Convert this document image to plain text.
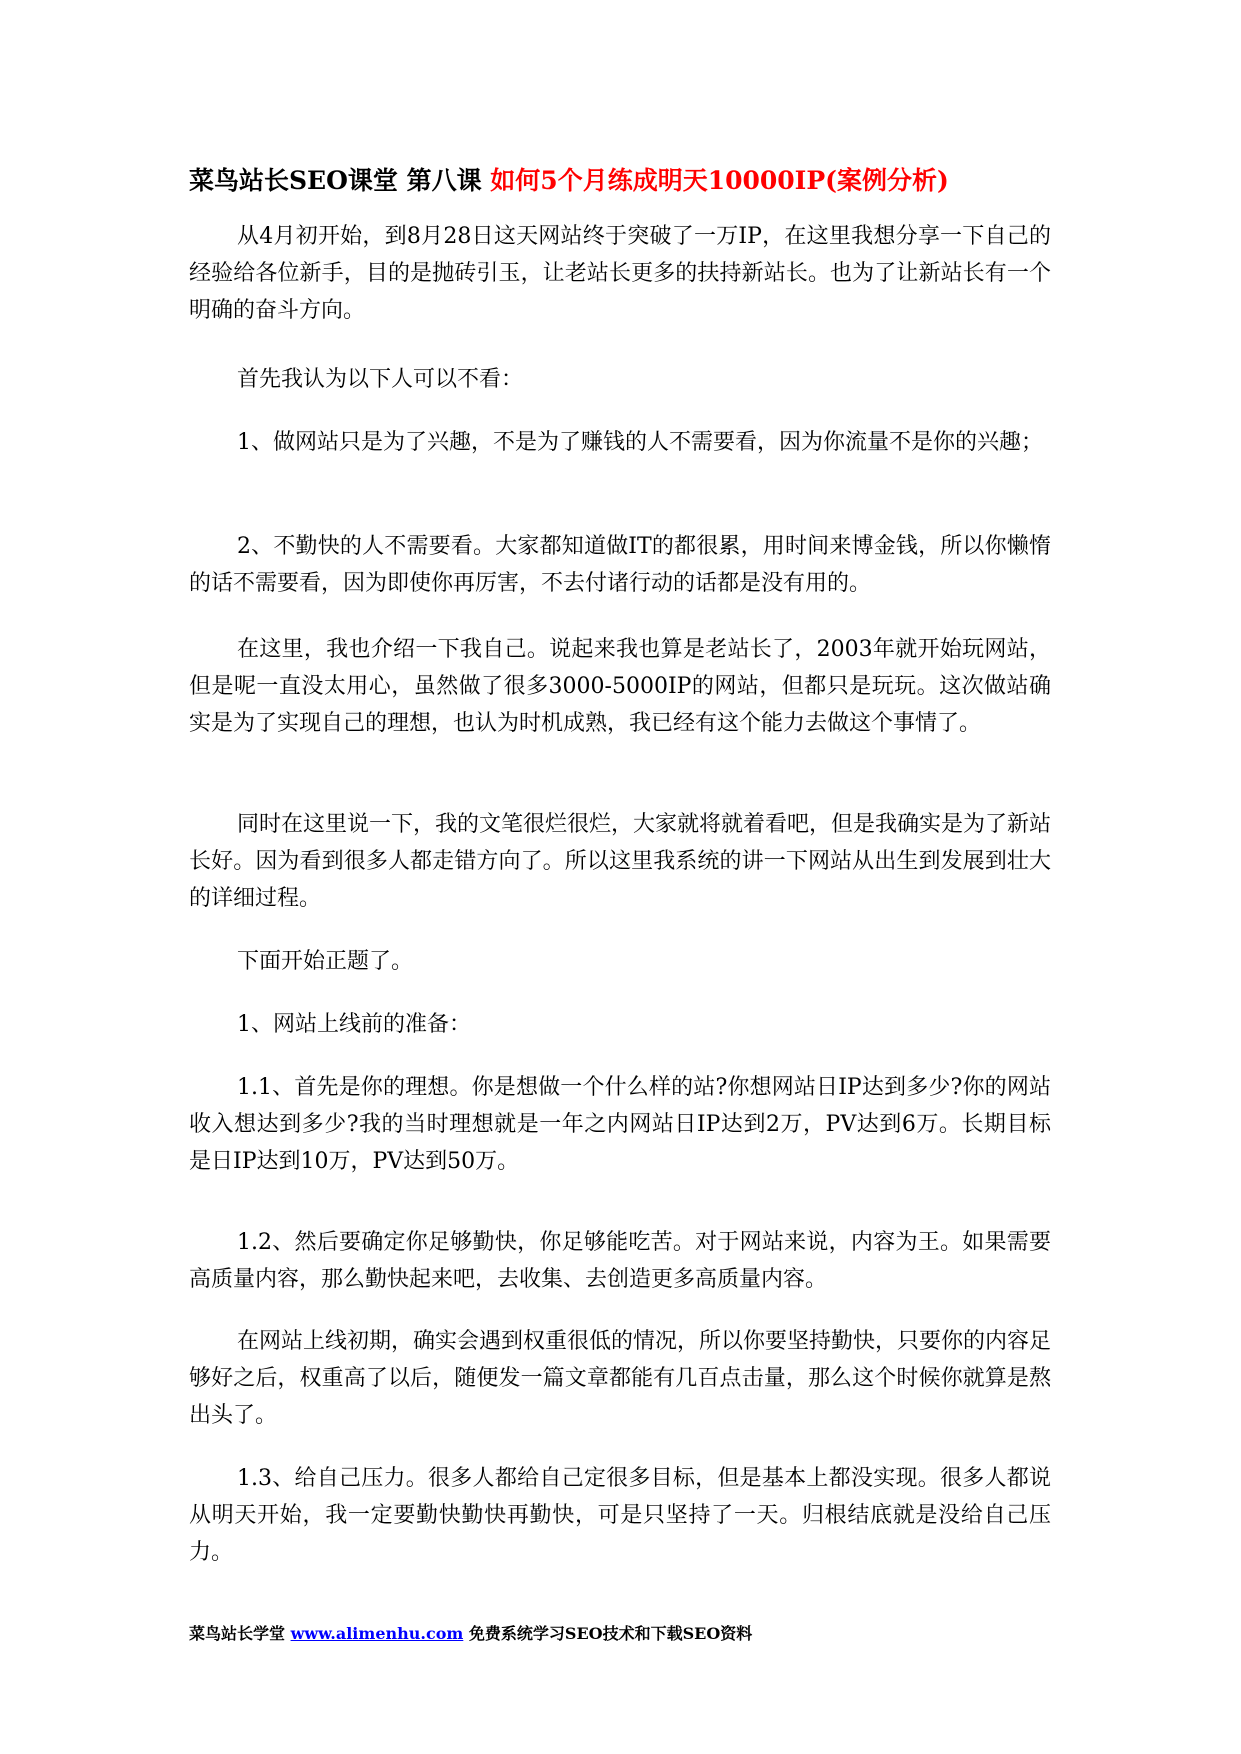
菜鸟站长SEO课堂 第八课 如何5个月练成明天10000IP(案例分析)

从4月初开始，到8月28日这天网站终于突破了一万IP，在这里我想分享一下自己的经验给各位新手，目的是抛砖引玉，让老站长更多的扶持新站长。也为了让新站长有一个明确的奋斗方向。

首先我认为以下人可以不看：

1、做网站只是为了兴趣，不是为了赚钱的人不需要看，因为你流量不是你的兴趣；

2、不勤快的人不需要看。大家都知道做IT的都很累，用时间来博金钱，所以你懒惰的话不需要看，因为即使你再厉害，不去付诸行动的话都是没有用的。

在这里，我也介绍一下我自己。说起来我也算是老站长了，2003年就开始玩网站，但是呢一直没太用心，虽然做了很多3000-5000IP的网站，但都只是玩玩。这次做站确实是为了实现自己的理想，也认为时机成熟，我已经有这个能力去做这个事情了。

同时在这里说一下，我的文笔很烂很烂，大家就将就着看吧，但是我确实是为了新站长好。因为看到很多人都走错方向了。所以这里我系统的讲一下网站从出生到发展到壮大的详细过程。

下面开始正题了。

1、网站上线前的准备：

1.1、首先是你的理想。你是想做一个什么样的站?你想网站日IP达到多少?你的网站收入想达到多少?我的当时理想就是一年之内网站日IP达到2万，PV达到6万。长期目标是日IP达到10万，PV达到50万。

1.2、然后要确定你足够勤快，你足够能吃苦。对于网站来说，内容为王。如果需要高质量内容，那么勤快起来吧，去收集、去创造更多高质量内容。

在网站上线初期，确实会遇到权重很低的情况，所以你要坚持勤快，只要你的内容足够好之后，权重高了以后，随便发一篇文章都能有几百点击量，那么这个时候你就算是熬出头了。

1.3、给自己压力。很多人都给自己定很多目标，但是基本上都没实现。很多人都说从明天开始，我一定要勤快勤快再勤快，可是只坚持了一天。归根结底就是没给自己压力。

菜鸟站长学堂 www.alimenhu.com 免费系统学习SEO技术和下载SEO资料
